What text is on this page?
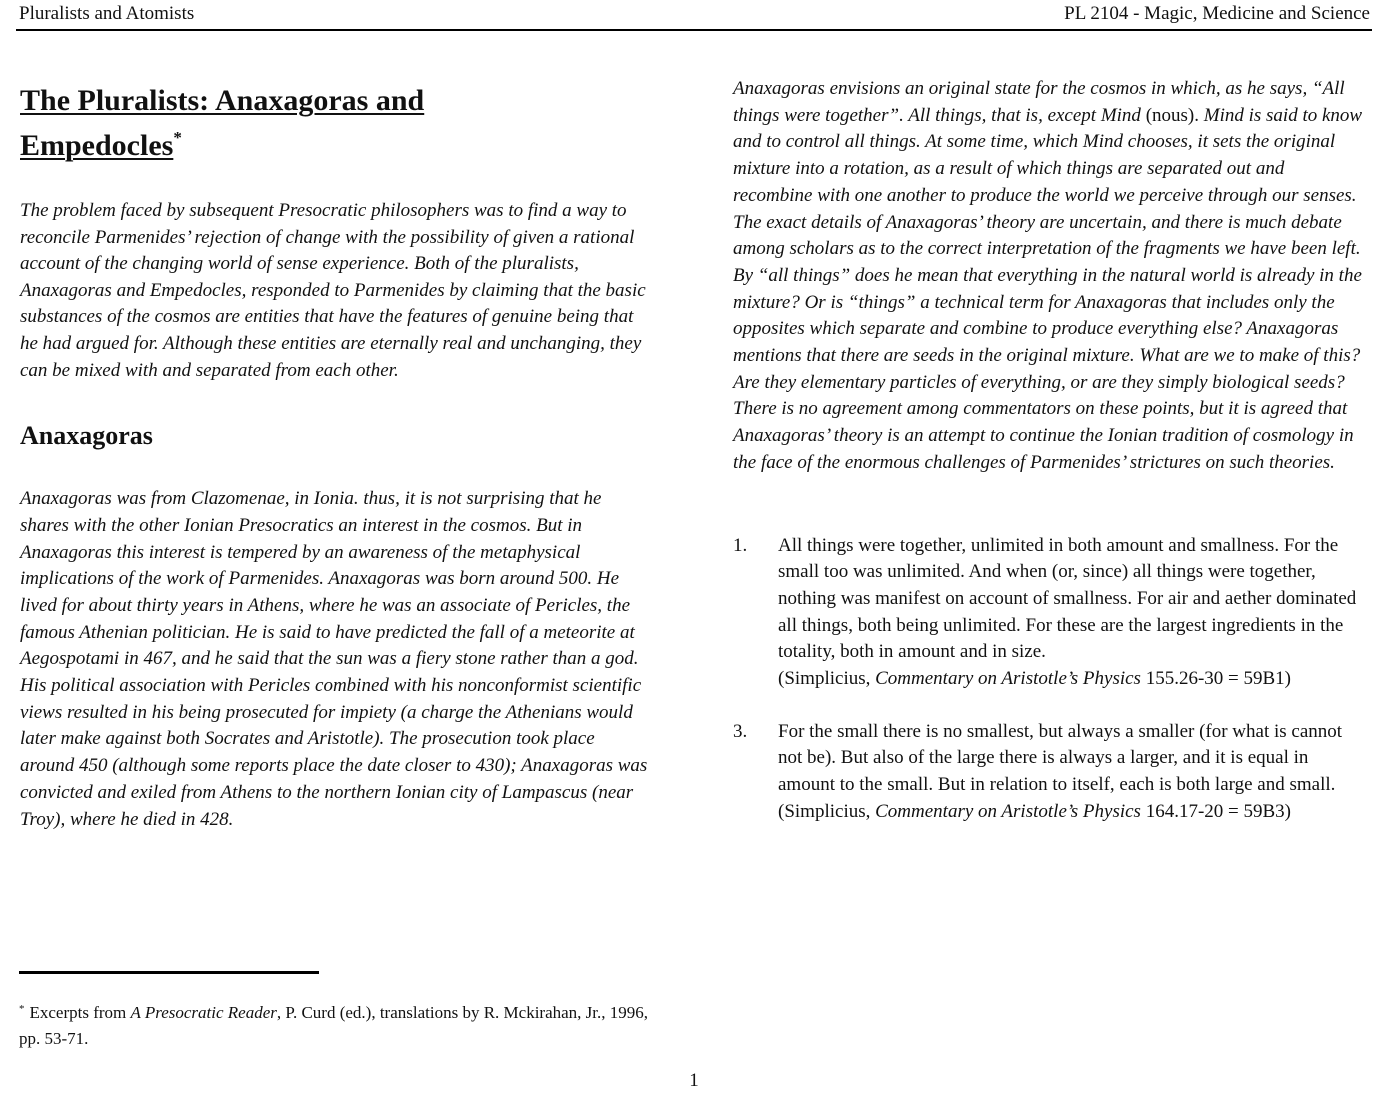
Pluralists and Atomists	PL 2104 - Magic, Medicine and Science
The Pluralists: Anaxagoras and
Empedocles*

The problem faced by subsequent Presocratic philosophers was to find a way to reconcile Parmenides’ rejection of change with the possibility of given a rational account of the changing world of sense experience. Both of the pluralists, Anaxagoras and Empedocles, responded to Parmenides by claiming that the basic substances of the cosmos are entities that have the features of genuine being that he had argued for. Although these entities are eternally real and unchanging, they can be mixed with and separated from each other.

Anaxagoras

Anaxagoras was from Clazomenae, in Ionia. thus, it is not surprising that he shares with the other Ionian Presocratics an interest in the cosmos. But in Anaxagoras this interest is tempered by an awareness of the metaphysical implications of the work of Parmenides. Anaxagoras was born around 500. He lived for about thirty years in Athens, where he was an associate of Pericles, the famous Athenian politician. He is said to have predicted the fall of a meteorite at Aegospotami in 467, and he said that the sun was a fiery stone rather than a god. His political association with Pericles combined with his nonconformist scientific views resulted in his being prosecuted for impiety (a charge the Athenians would later make against both Socrates and Aristotle). The prosecution took place around 450 (although some reports place the date closer to 430); Anaxagoras was convicted and exiled from Athens to the northern Ionian city of Lampascus (near Troy), where he died in 428.

* Excerpts from A Presocratic Reader, P. Curd (ed.), translations by R. Mckirahan, Jr., 1996, pp. 53-71.

Anaxagoras envisions an original state for the cosmos in which, as he says, “All things were together”. All things, that is, except Mind (nous). Mind is said to know and to control all things. At some time, which Mind chooses, it sets the original mixture into a rotation, as a result of which things are separated out and recombine with one another to produce the world we perceive through our senses. The exact details of Anaxagoras’ theory are uncertain, and there is much debate among scholars as to the correct interpretation of the fragments we have been left. By “all things” does he mean that everything in the natural world is already in the mixture? Or is “things” a technical term for Anaxagoras that includes only the opposites which separate and combine to produce everything else? Anaxagoras mentions that there are seeds in the original mixture. What are we to make of this? Are they elementary particles of everything, or are they simply biological seeds? There is no agreement among commentators on these points, but it is agreed that Anaxagoras’ theory is an attempt to continue the Ionian tradition of cosmology in the face of the enormous challenges of Parmenides’ strictures on such theories.

1. All things were together, unlimited in both amount and smallness. For the small too was unlimited. And when (or, since) all things were together, nothing was manifest on account of smallness. For air and aether dominated all things, both being unlimited. For these are the largest ingredients in the totality, both in amount and in size.
(Simplicius, Commentary on Aristotle’s Physics 155.26-30 = 59B1)
3. For the small there is no smallest, but always a smaller (for what is cannot not be). But also of the large there is always a larger, and it is equal in amount to the small. But in relation to itself, each is both large and small.
(Simplicius, Commentary on Aristotle’s Physics 164.17-20 = 59B3)
1
